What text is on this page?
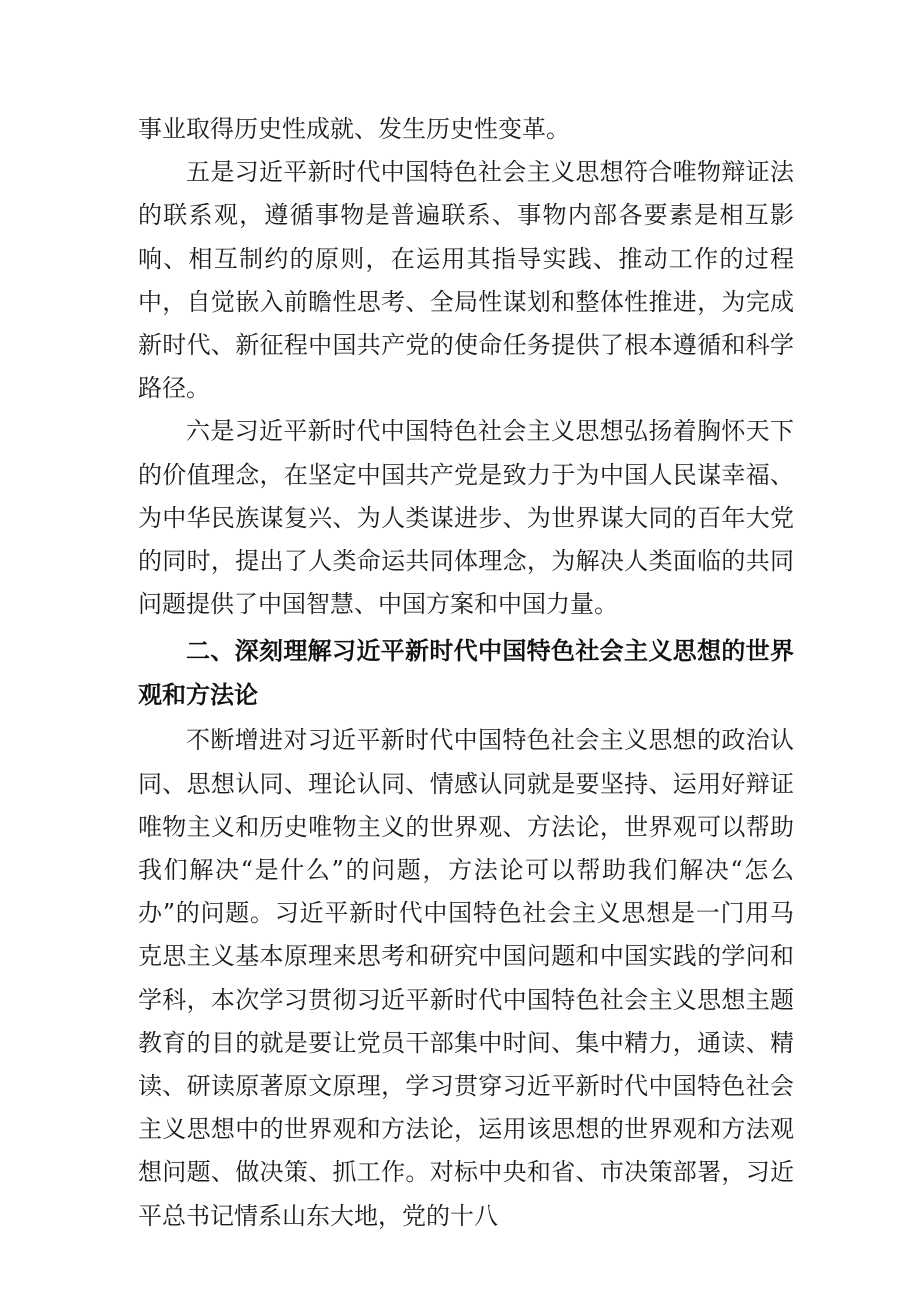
事业取得历史性成就、发生历史性变革。

五是习近平新时代中国特色社会主义思想符合唯物辩证法的联系观，遵循事物是普遍联系、事物内部各要素是相互影响、相互制约的原则，在运用其指导实践、推动工作的过程中，自觉嵌入前瞻性思考、全局性谋划和整体性推进，为完成新时代、新征程中国共产党的使命任务提供了根本遵循和科学路径。

六是习近平新时代中国特色社会主义思想弘扬着胸怀天下的价值理念，在坚定中国共产党是致力于为中国人民谋幸福、为中华民族谋复兴、为人类谋进步、为世界谋大同的百年大党的同时，提出了人类命运共同体理念，为解决人类面临的共同问题提供了中国智慧、中国方案和中国力量。

二、深刻理解习近平新时代中国特色社会主义思想的世界观和方法论

不断增进对习近平新时代中国特色社会主义思想的政治认同、思想认同、理论认同、情感认同就是要坚持、运用好辩证唯物主义和历史唯物主义的世界观、方法论，世界观可以帮助我们解决“是什么”的问题，方法论可以帮助我们解决“怎么办”的问题。习近平新时代中国特色社会主义思想是一门用马克思主义基本原理来思考和研究中国问题和中国实践的学问和学科，本次学习贯彻习近平新时代中国特色社会主义思想主题教育的目的就是要让党员干部集中时间、集中精力，通读、精读、研读原著原文原理，学习贯穿习近平新时代中国特色社会主义思想中的世界观和方法论，运用该思想的世界观和方法观想问题、做决策、抓工作。对标中央和省、市决策部署，习近平总书记情系山东大地，党的十八
